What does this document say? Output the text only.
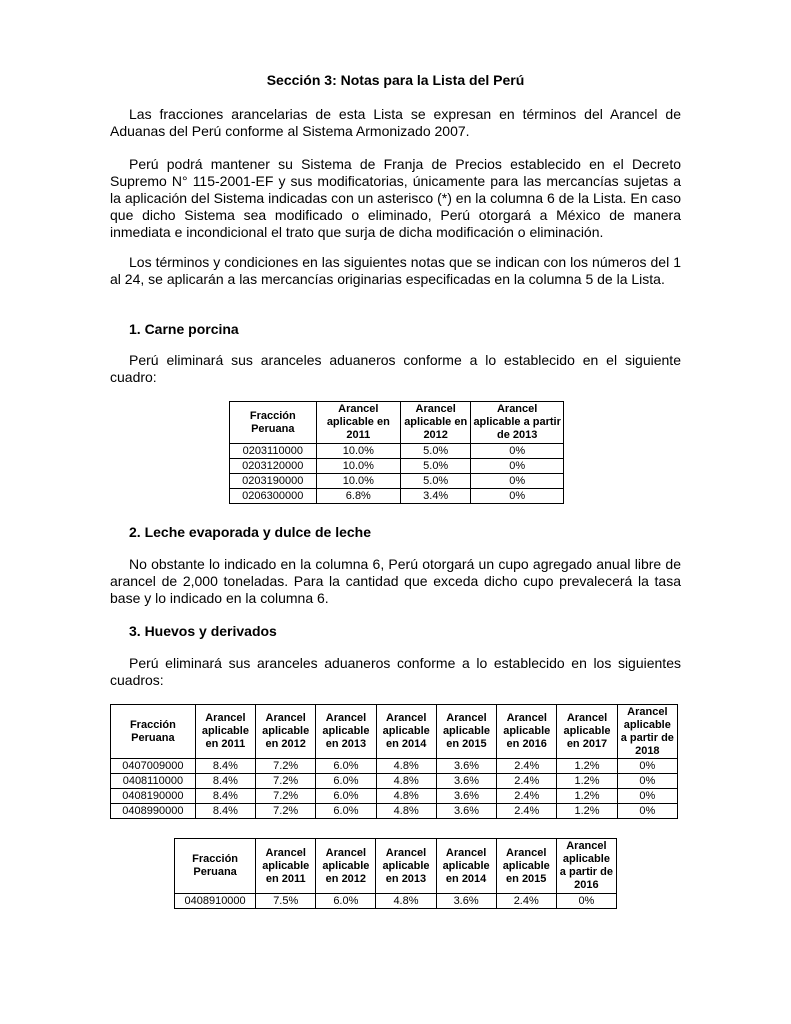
Sección 3: Notas para la Lista del Perú

Las fracciones arancelarias de esta Lista se expresan en términos del Arancel de Aduanas del Perú conforme al Sistema Armonizado 2007.

Perú podrá mantener su Sistema de Franja de Precios establecido en el Decreto Supremo N° 115-2001-EF y sus modificatorias, únicamente para las mercancías sujetas a la aplicación del Sistema indicadas con un asterisco (*) en la columna 6 de la Lista. En caso que dicho Sistema sea modificado o eliminado, Perú otorgará a México de manera inmediata e incondicional el trato que surja de dicha modificación o eliminación.

Los términos y condiciones en las siguientes notas que se indican con los números del 1 al 24, se aplicarán a las mercancías originarias especificadas en la columna 5 de la Lista.

1. Carne porcina

Perú eliminará sus aranceles aduaneros conforme a lo establecido en el siguiente cuadro:

Fracción Peruana	Arancel aplicable en 2011	Arancel aplicable en 2012	Arancel aplicable a partir de 2013
0203110000	10.0%	5.0%	0%
0203120000	10.0%	5.0%	0%
0203190000	10.0%	5.0%	0%
0206300000	6.8%	3.4%	0%

2. Leche evaporada y dulce de leche

No obstante lo indicado en la columna 6, Perú otorgará un cupo agregado anual libre de arancel de 2,000 toneladas. Para la cantidad que exceda dicho cupo prevalecerá la tasa base y lo indicado en la columna 6.

3. Huevos y derivados

Perú eliminará sus aranceles aduaneros conforme a lo establecido en los siguientes cuadros:

Fracción Peruana	Arancel aplicable en 2011	Arancel aplicable en 2012	Arancel aplicable en 2013	Arancel aplicable en 2014	Arancel aplicable en 2015	Arancel aplicable en 2016	Arancel aplicable en 2017	Arancel aplicable a partir de 2018
0407009000	8.4%	7.2%	6.0%	4.8%	3.6%	2.4%	1.2%	0%
0408110000	8.4%	7.2%	6.0%	4.8%	3.6%	2.4%	1.2%	0%
0408190000	8.4%	7.2%	6.0%	4.8%	3.6%	2.4%	1.2%	0%
0408990000	8.4%	7.2%	6.0%	4.8%	3.6%	2.4%	1.2%	0%
Fracción Peruana	Arancel aplicable en 2011	Arancel aplicable en 2012	Arancel aplicable en 2013	Arancel aplicable en 2014	Arancel aplicable en 2015	Arancel aplicable a partir de 2016
0408910000	7.5%	6.0%	4.8%	3.6%	2.4%	0%
